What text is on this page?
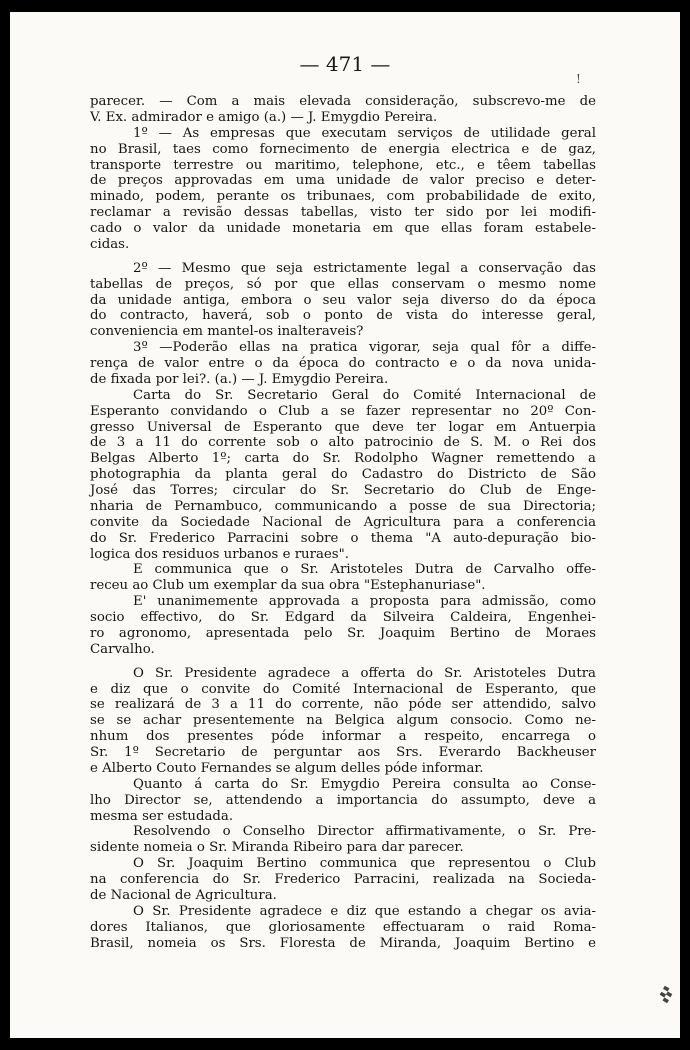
— 471 —
!
parecer. — Com a mais elevada consideração, subscrevo-me de
V. Ex. admirador e amigo (a.) — J. Emygdio Pereira.
1º — As empresas que executam serviços de utilidade geral
no Brasil, taes como fornecimento de energia electrica e de gaz,
transporte terrestre ou maritimo, telephone, etc., e têem tabellas
de preços approvadas em uma unidade de valor preciso e deter-
minado, podem, perante os tribunaes, com probabilidade de exito,
reclamar a revisão dessas tabellas, visto ter sido por lei modifi-
cado o valor da unidade monetaria em que ellas foram estabele-
cidas.
2º — Mesmo que seja estrictamente legal a conservação das
tabellas de preços, só por que ellas conservam o mesmo nome
da unidade antiga, embora o seu valor seja diverso do da época
do contracto, haverá, sob o ponto de vista do interesse geral,
conveniencia em mantel-os inalteraveis?
3º —Poderão ellas na pratica vigorar, seja qual fôr a diffe-
rença de valor entre o da época do contracto e o da nova unida-
de fixada por lei?. (a.) — J. Emygdio Pereira.
Carta do Sr. Secretario Geral do Comité Internacional de
Esperanto convidando o Club a se fazer representar no 20º Con-
gresso Universal de Esperanto que deve ter logar em Antuerpia
de 3 a 11 do corrente sob o alto patrocinio de S. M. o Rei dos
Belgas Alberto 1º; carta do Sr. Rodolpho Wagner remettendo a
photographia da planta geral do Cadastro do Districto de São
José das Torres; circular do Sr. Secretario do Club de Enge-
nharia de Pernambuco, communicando a posse de sua Directoria;
convite da Sociedade Nacional de Agricultura para a conferencia
do Sr. Frederico Parracini sobre o thema "A auto-depuração bio-
logica dos residuos urbanos e ruraes".
E communica que o Sr. Aristoteles Dutra de Carvalho offe-
receu ao Club um exemplar da sua obra "Estephanuriase".
E' unanimemente approvada a proposta para admissão, como
socio effectivo, do Sr. Edgard da Silveira Caldeira, Engenhei-
ro agronomo, apresentada pelo Sr. Joaquim Bertino de Moraes
Carvalho.
O Sr. Presidente agradece a offerta do Sr. Aristoteles Dutra
e diz que o convite do Comité Internacional de Esperanto, que
se realizará de 3 a 11 do corrente, não póde ser attendido, salvo
se se achar presentemente na Belgica algum consocio. Como ne-
nhum dos presentes póde informar a respeito, encarrega o
Sr. 1º Secretario de perguntar aos Srs. Everardo Backheuser
e Alberto Couto Fernandes se algum delles póde informar.
Quanto á carta do Sr. Emygdio Pereira consulta ao Conse-
lho Director se, attendendo a importancia do assumpto, deve a
mesma ser estudada.
Resolvendo o Conselho Director affirmativamente, o Sr. Pre-
sidente nomeia o Sr. Miranda Ribeiro para dar parecer.
O Sr. Joaquim Bertino communica que representou o Club
na conferencia do Sr. Frederico Parracini, realizada na Socieda-
de Nacional de Agricultura.
O Sr. Presidente agradece e diz que estando a chegar os avia-
dores Italianos, que gloriosamente effectuaram o raid Roma-
Brasil, nomeia os Srs. Floresta de Miranda, Joaquim Bertino e
▞▞
